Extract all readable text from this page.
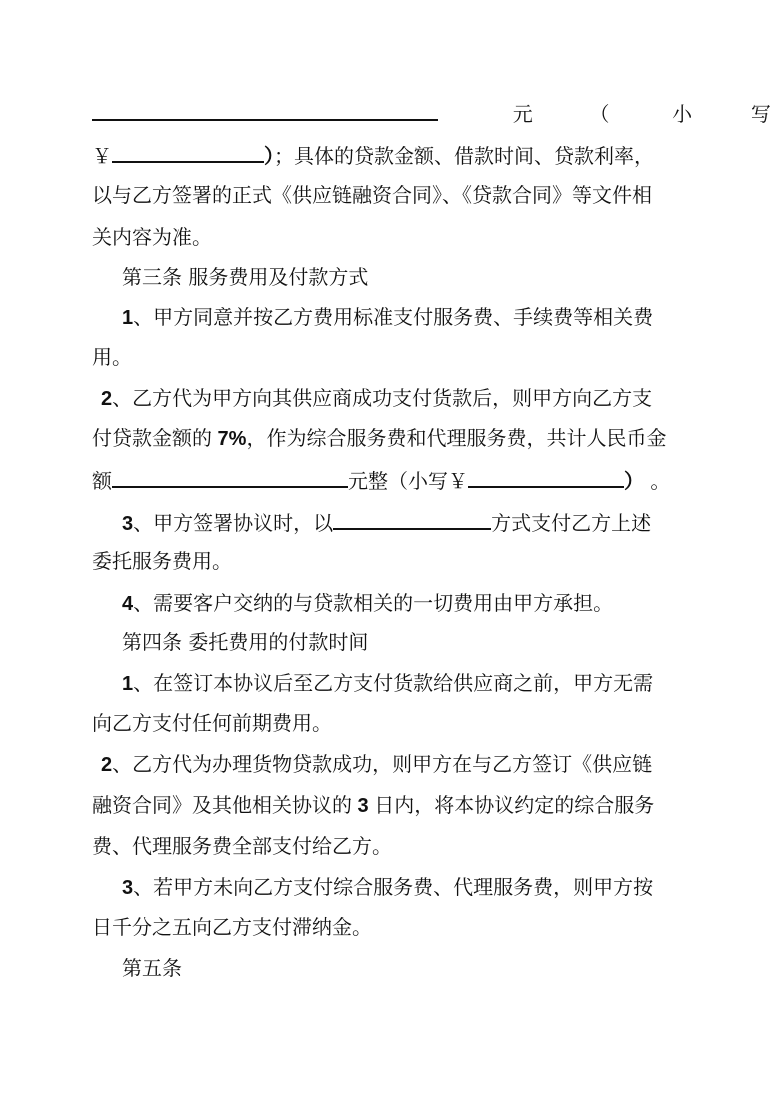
元	（	小	写
￥	）；具体的贷款金额、借款时间、贷款利率，
以与乙方签署的正式《供应链融资合同》、《贷款合同》等文件相
关内容为准。
第三条 服务费用及付款方式
1、甲方同意并按乙方费用标准支付服务费、手续费等相关费
用。
2、乙方代为甲方向其供应商成功支付货款后，则甲方向乙方支
付贷款金额的 7%，作为综合服务费和代理服务费，共计人民币金
额	元整（小写￥	） 。
3、甲方签署协议时，以	方式支付乙方上述
委托服务费用。
4、需要客户交纳的与贷款相关的一切费用由甲方承担。
第四条 委托费用的付款时间
1、在签订本协议后至乙方支付货款给供应商之前，甲方无需
向乙方支付任何前期费用。
2、乙方代为办理货物贷款成功，则甲方在与乙方签订《供应链
融资合同》及其他相关协议的 3 日内，将本协议约定的综合服务
费、代理服务费全部支付给乙方。
3、若甲方未向乙方支付综合服务费、代理服务费，则甲方按
日千分之五向乙方支付滞纳金。
第五条
